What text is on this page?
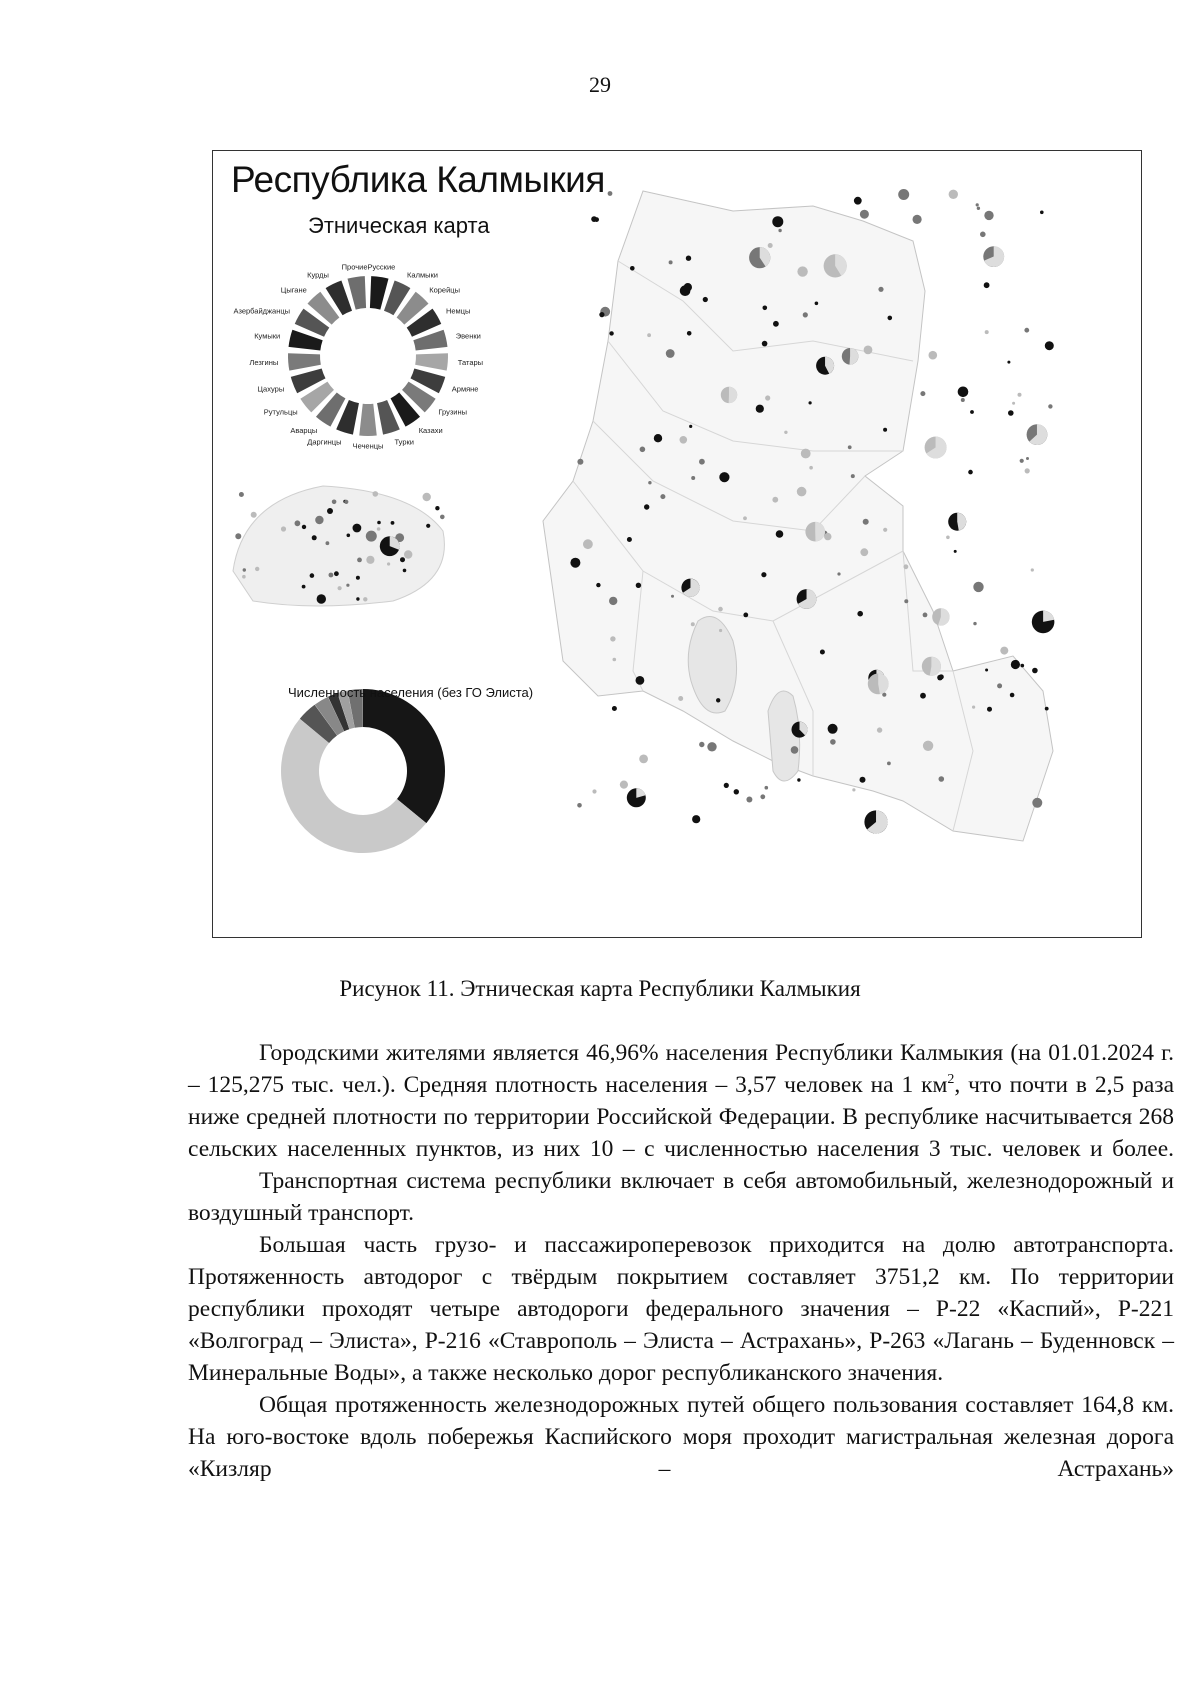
29
Русские
Калмыки
Корейцы
Немцы
Эвенки
Татары
Армяне
Грузины
Казахи
Турки
Чеченцы
Даргинцы
Аварцы
Рутульцы
Цахуры
Лезгины
Кумыки
Азербайджанцы
Цыгане
Курды
Прочие
Республика Калмыкия
Этническая карта
Численность населения (без ГО Элиста)
Рисунок 11. Этническая карта Республики Калмыкия

Городскими жителями является 46,96% населения Республики Калмыкия (на 01.01.2024 г. – 125,275 тыс. чел.). Средняя плотность населения – 3,57 человек на 1 $км^2$, что почти в 2,5 раза ниже средней плотности по территории Российской Федерации. В республике насчитывается 268 сельских населенных пунктов, из них 10 – с численностью населения 3 тыс. человек и более.

Транспортная система республики включает в себя автомобильный, железнодорожный и воздушный транспорт.

Большая часть грузо- и пассажироперевозок приходится на долю автотранспорта. Протяженность автодорог с твёрдым покрытием составляет 3751,2 км. По территории республики проходят четыре автодороги федерального значения – Р-22 «Каспий», Р-221 «Волгоград – Элиста», Р-216 «Ставрополь – Элиста – Астрахань», Р-263 «Лагань – Буденновск – Минеральные Воды», а также несколько дорог республиканского значения.

Общая протяженность железнодорожных путей общего пользования составляет 164,8 км. На юго-востоке вдоль побережья Каспийского моря проходит магистральная железная дорога «Кизляр – Астрахань»
